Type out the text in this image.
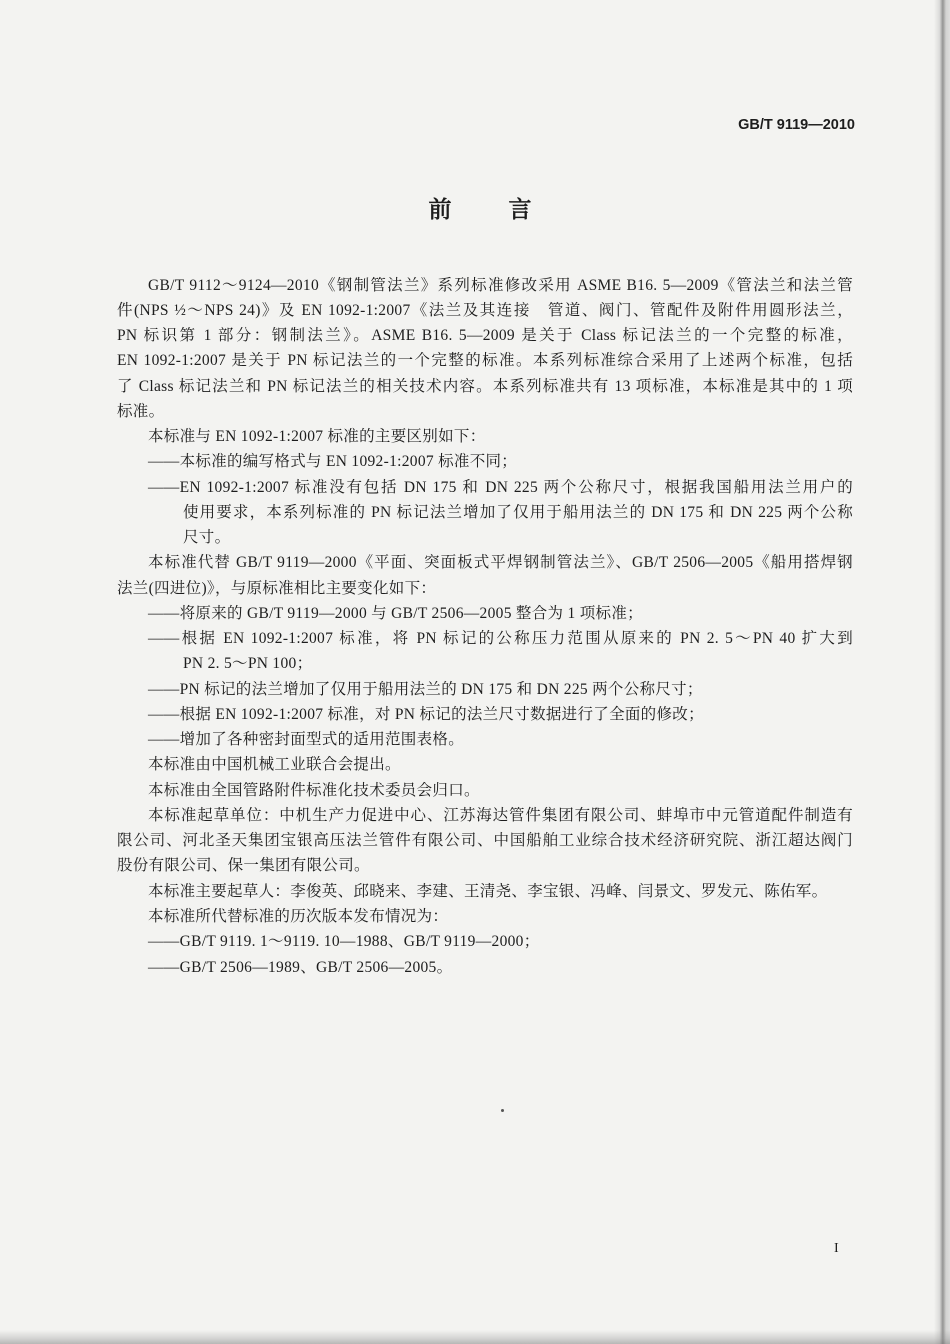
GB/T 9119—2010
前　言
GB/T 9112～9124—2010《钢制管法兰》系列标准修改采用 ASME B16. 5—2009《管法兰和法兰管
件(NPS ½～NPS 24)》及 EN 1092-1:2007《法兰及其连接　管道、阀门、管配件及附件用圆形法兰，
PN 标识第 1 部分：钢制法兰》。ASME B16. 5—2009 是关于 Class 标记法兰的一个完整的标准，
EN 1092-1:2007 是关于 PN 标记法兰的一个完整的标准。本系列标准综合采用了上述两个标准，包括
了 Class 标记法兰和 PN 标记法兰的相关技术内容。本系列标准共有 13 项标准，本标准是其中的 1 项
标准。
本标准与 EN 1092-1:2007 标准的主要区别如下：
——本标准的编写格式与 EN 1092-1:2007 标准不同；
——EN 1092-1:2007 标准没有包括 DN 175 和 DN 225 两个公称尺寸，根据我国船用法兰用户的
使用要求，本系列标准的 PN 标记法兰增加了仅用于船用法兰的 DN 175 和 DN 225 两个公称
尺寸。
本标准代替 GB/T 9119—2000《平面、突面板式平焊钢制管法兰》、GB/T 2506—2005《船用搭焊钢
法兰(四进位)》，与原标准相比主要变化如下：
——将原来的 GB/T 9119—2000 与 GB/T 2506—2005 整合为 1 项标准；
——根据 EN 1092-1:2007 标准，将 PN 标记的公称压力范围从原来的 PN 2. 5～PN 40 扩大到
PN 2. 5～PN 100；
——PN 标记的法兰增加了仅用于船用法兰的 DN 175 和 DN 225 两个公称尺寸；
——根据 EN 1092-1:2007 标准，对 PN 标记的法兰尺寸数据进行了全面的修改；
——增加了各种密封面型式的适用范围表格。
本标准由中国机械工业联合会提出。
本标准由全国管路附件标准化技术委员会归口。
本标准起草单位：中机生产力促进中心、江苏海达管件集团有限公司、蚌埠市中元管道配件制造有
限公司、河北圣天集团宝银高压法兰管件有限公司、中国船舶工业综合技术经济研究院、浙江超达阀门
股份有限公司、保一集团有限公司。
本标准主要起草人：李俊英、邱晓来、李建、王清尧、李宝银、冯峰、闫景文、罗发元、陈佑军。
本标准所代替标准的历次版本发布情况为：
——GB/T 9119. 1～9119. 10—1988、GB/T 9119—2000；
——GB/T 2506—1989、GB/T 2506—2005。
I
